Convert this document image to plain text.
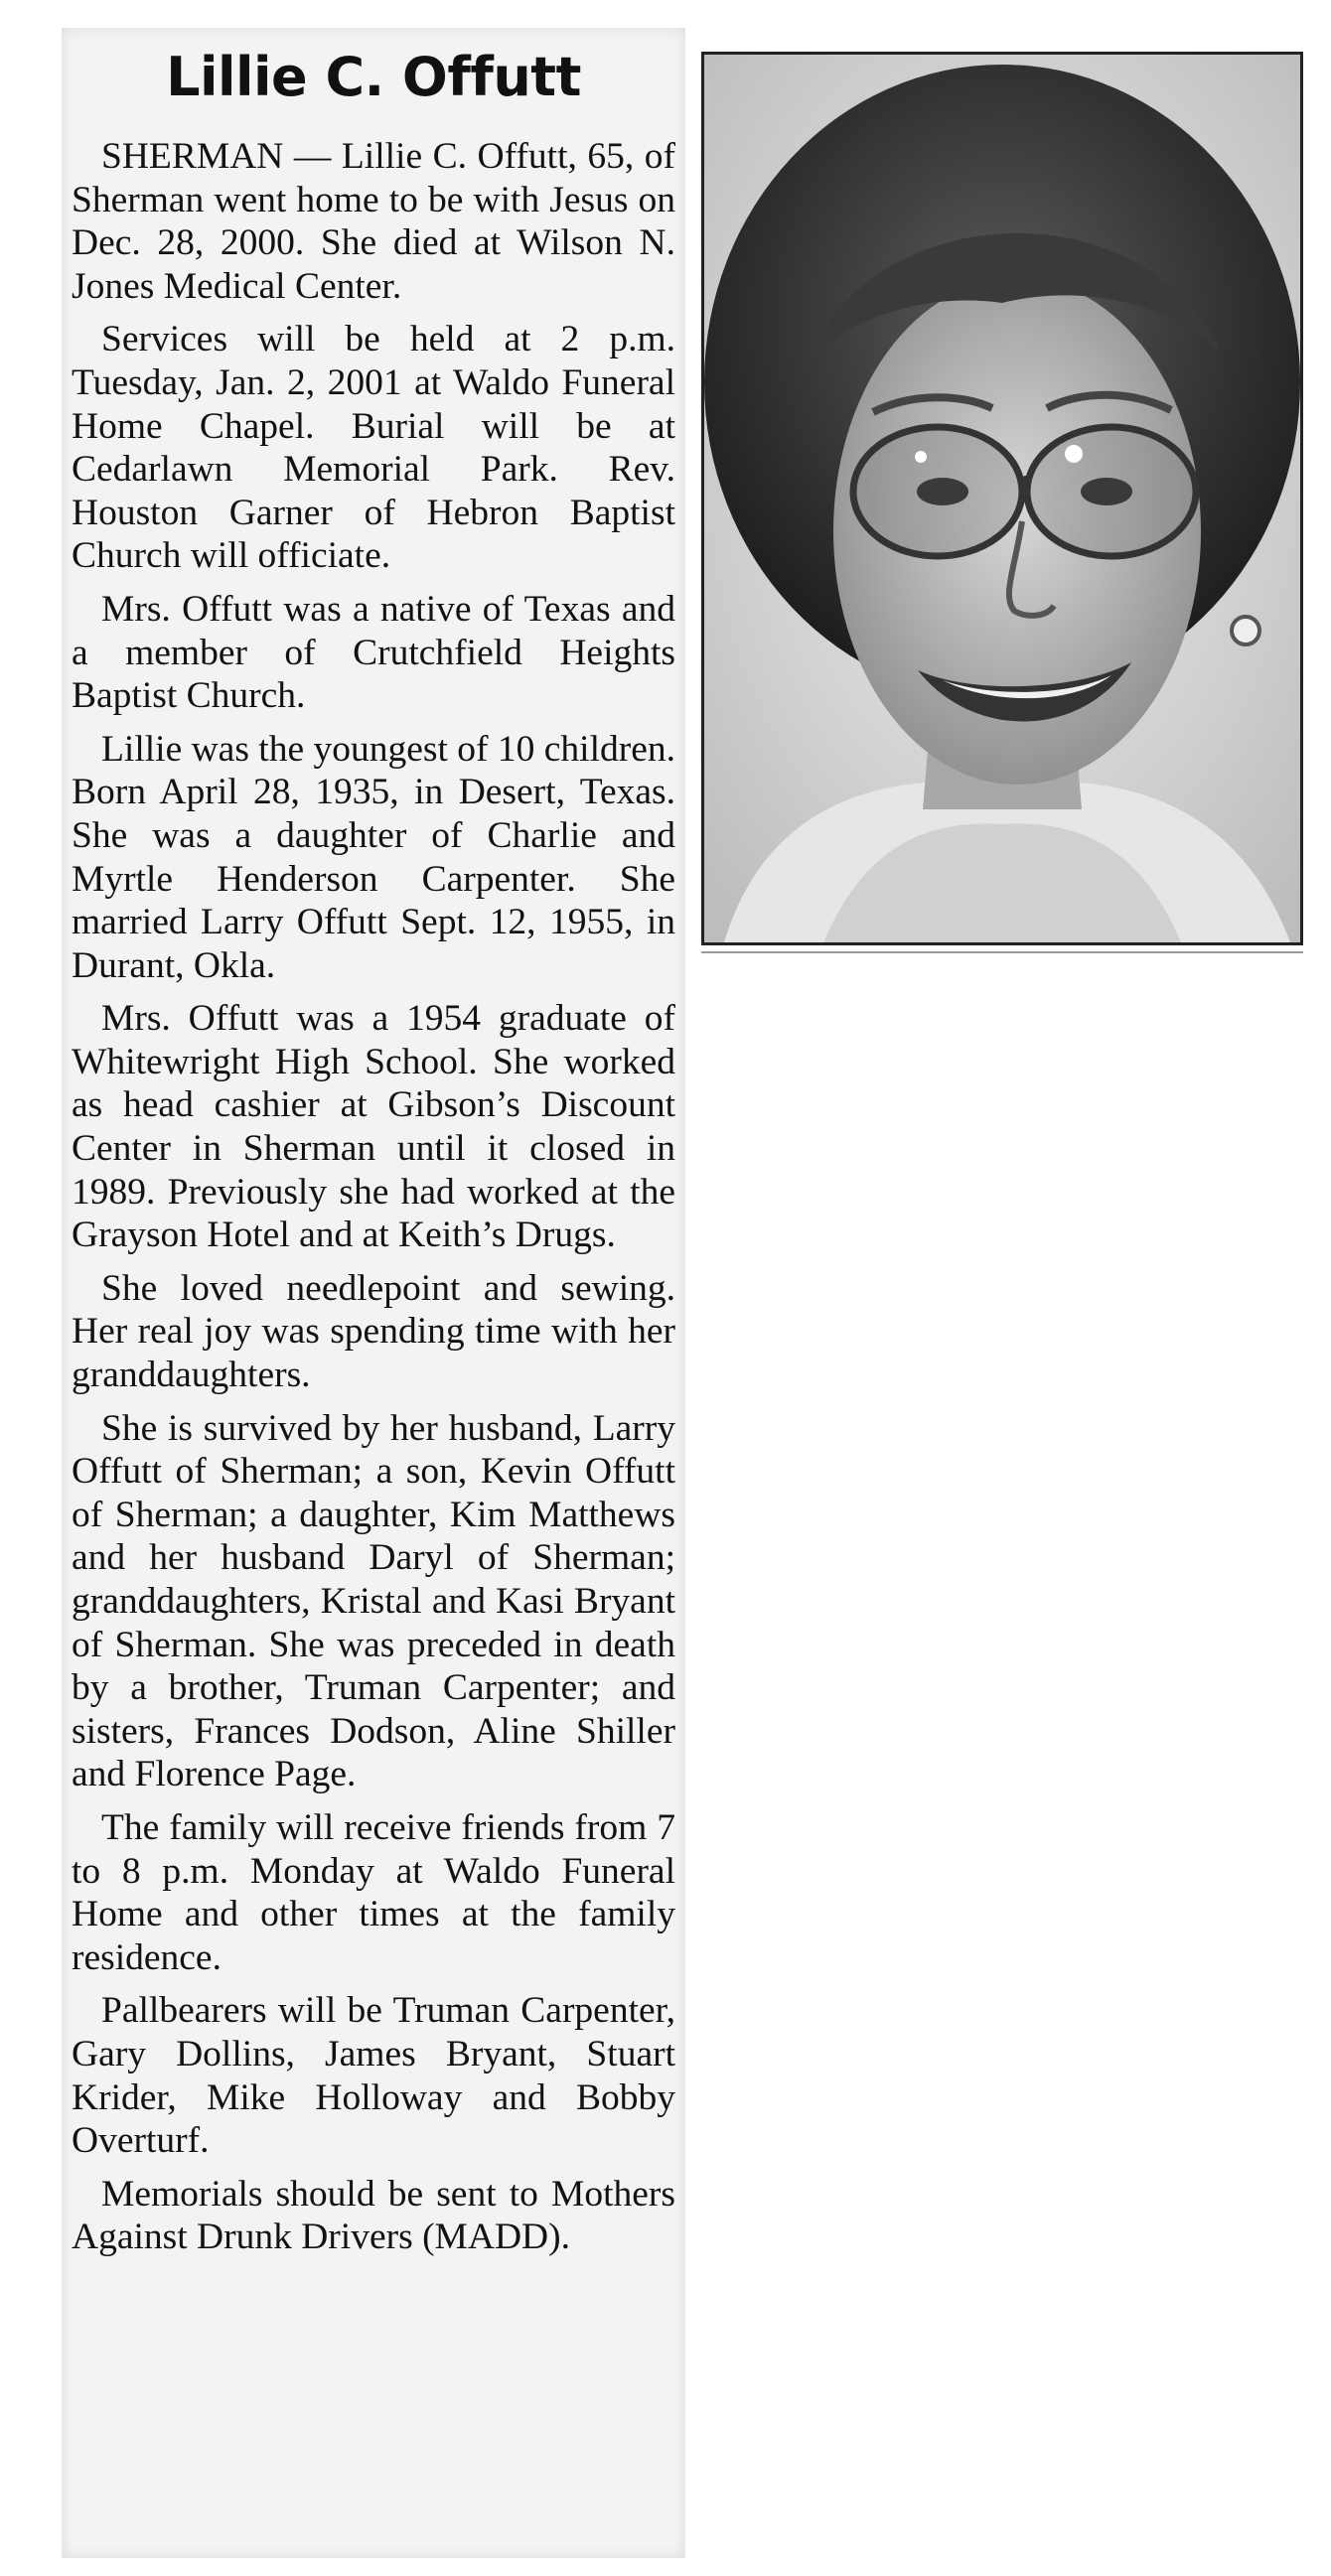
Lillie C. Offutt

SHERMAN — Lillie C. Offutt, 65, of Sherman went home to be with Jesus on Dec. 28, 2000. She died at Wilson N. Jones Medical Center.

Services will be held at 2 p.m. Tuesday, Jan. 2, 2001 at Waldo Funeral Home Chapel. Burial will be at Cedarlawn Memorial Park. Rev. Houston Garner of Hebron Baptist Church will officiate.

Mrs. Offutt was a native of Texas and a member of Crutchfield Heights Baptist Church.

Lillie was the youngest of 10 children. Born April 28, 1935, in Desert, Texas. She was a daughter of Charlie and Myrtle Henderson Carpenter. She married Larry Offutt Sept. 12, 1955, in Durant, Okla.

Mrs. Offutt was a 1954 graduate of Whitewright High School. She worked as head cashier at Gibson’s Discount Center in Sherman until it closed in 1989. Previously she had worked at the Grayson Hotel and at Keith’s Drugs.

She loved needlepoint and sewing. Her real joy was spending time with her granddaughters.

She is survived by her husband, Larry Offutt of Sherman; a son, Kevin Offutt of Sherman; a daughter, Kim Matthews and her husband Daryl of Sherman; granddaughters, Kristal and Kasi Bryant of Sherman. She was preceded in death by a brother, Truman Carpenter; and sisters, Frances Dodson, Aline Shiller and Florence Page.

The family will receive friends from 7 to 8 p.m. Monday at Waldo Funeral Home and other times at the family residence.

Pallbearers will be Truman Carpenter, Gary Dollins, James Bryant, Stuart Krider, Mike Holloway and Bobby Overturf.

Memorials should be sent to Mothers Against Drunk Drivers (MADD).
